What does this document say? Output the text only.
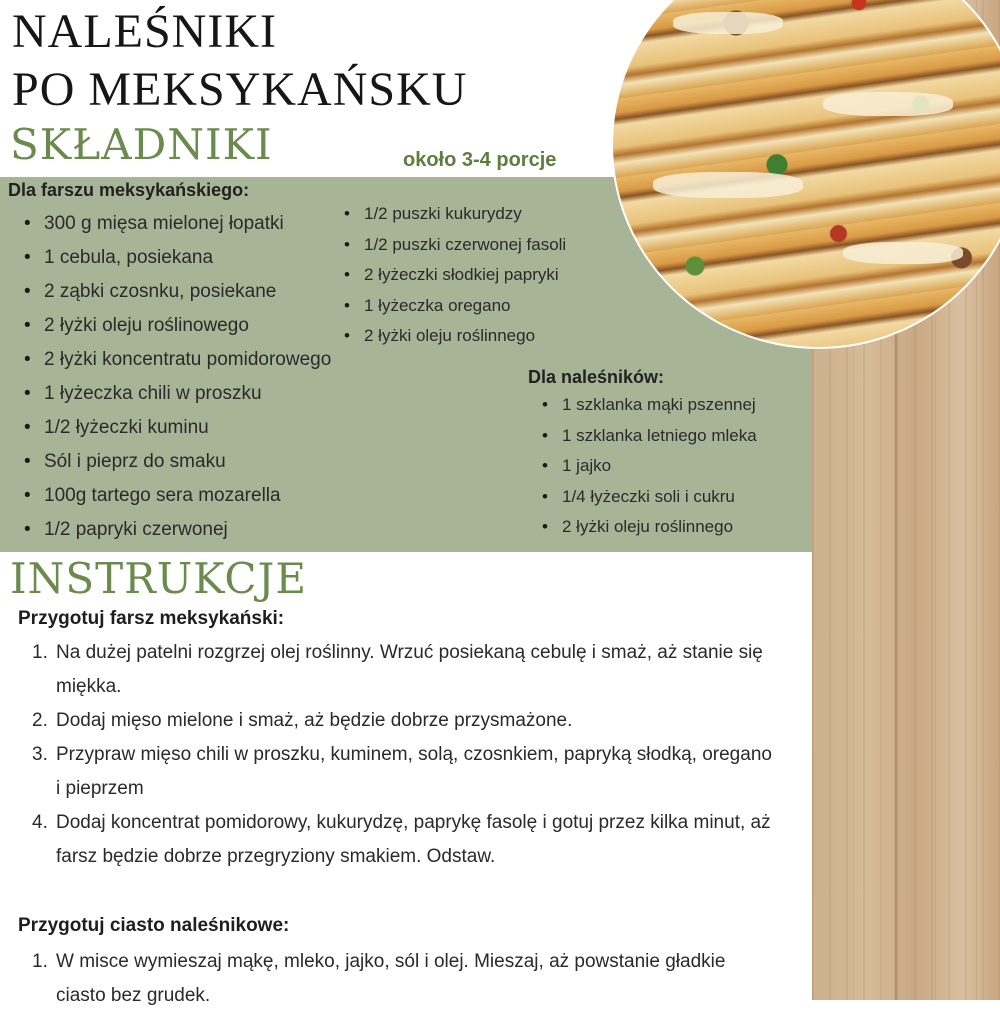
NALEŚNIKI
PO MEKSYKAŃSKU
SKŁADNIKI	około 3-4 porcje
Dla farszu meksykańskiego:
• 300 g mięsa mielonej łopatki
• 1 cebula, posiekana
• 2 ząbki czosnku, posiekane
• 2 łyżki oleju roślinowego
• 2 łyżki koncentratu pomidorowego
• 1 łyżeczka chili w proszku
• 1/2 łyżeczki kuminu
• Sól i pieprz do smaku
• 100g tartego sera mozarella
• 1/2 papryki czerwonej
• 1/2 puszki kukurydzy
• 1/2 puszki czerwonej fasoli
• 2 łyżeczki słodkiej papryki
• 1 łyżeczka oregano
• 2 łyżki oleju roślinnego
Dla naleśników:
• 1 szklanka mąki pszennej
• 1 szklanka letniego mleka
• 1 jajko
• 1/4 łyżeczki soli i cukru
• 2 łyżki oleju roślinnego
INSTRUKCJE
Przygotuj farsz meksykański:
1. Na dużej patelni rozgrzej olej roślinny. Wrzuć posiekaną cebulę i smaż, aż stanie się miękka.
2. Dodaj mięso mielone i smaż, aż będzie dobrze przysmażone.
3. Przypraw mięso chili w proszku, kuminem, solą, czosnkiem, papryką słodką, oregano i pieprzem
4. Dodaj koncentrat pomidorowy, kukurydzę, paprykę fasolę i gotuj przez kilka minut, aż farsz będzie dobrze przegryziony smakiem. Odstaw.
Przygotuj ciasto naleśnikowe:
1. W misce wymieszaj mąkę, mleko, jajko, sól i olej. Mieszaj, aż powstanie gładkie ciasto bez grudek.
